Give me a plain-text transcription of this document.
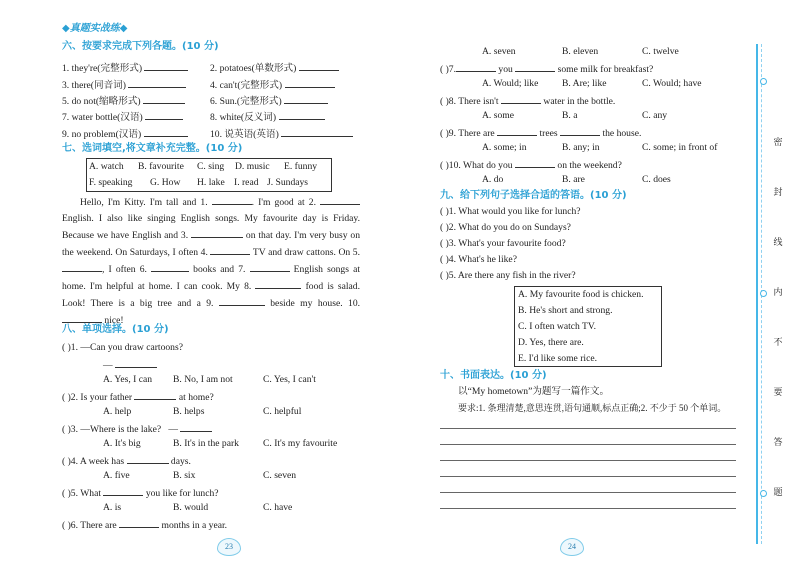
◆真题实战练◆
六、按要求完成下列各题。(10 分)
1. they're(完整形式)	2. potatoes(单数形式)
3. there(同音词)	4. can't(完整形式)
5. do not(缩略形式)	6. Sun.(完整形式)
7. water bottle(汉语)	8. white(反义词)
9. no problem(汉语)	10. 说英语(英语)
七、选词填空,将文章补充完整。(10 分)
A. watch B. favourite C. sing D. music E. funny
F. speaking G. How H. lake I. read J. Sundays
Hello, I'm Kitty. I'm tall and 1.	. I'm good at 2.  English. I also like singing English songs. My favourite day is Friday. Because we have English and 3.	on that day. I'm very busy on the weekend. On Saturdays, I often 4.	TV and draw cattons. On 5. , I often 6.	books and 7.	English songs at home. I'm helpful at home. I can cook. My 8.	food is salad. Look! There is a big tree and a 9.	beside my house. 10.  nice!
八、单项选择。(10 分)
( )1. —Can you draw cartoons?
—
A. Yes, I can B. No, I am not	C. Yes, I can't
( )2. Is your father	at home?
A. help	B. helps	C. helpful
( )3. —Where is the lake? —
A. It's big	B. It's in the park	C. It's my favourite
( )4. A week has	days.
A. five	B. six	C. seven
( )5. What	you like for lunch?
A. is	B. would	C. have
( )6. There are	months in a year.
23
A. seven	B. eleven	C. twelve
( )7.	you	some milk for breakfast?
A. Would; like B. Are; like	C. Would; have
( )8. There isn't	water in the bottle.
A. some	B. a	C. any
( )9. There are	trees	the house.
A. some; in	B. any; in	C. some; in front of
( )10. What do you	on the weekend?
A. do	B. are	C. does
九、给下列句子选择合适的答语。(10 分)
( )1. What would you like for lunch?
( )2. What do you do on Sundays?
( )3. What's your favourite food?
( )4. What's he like?
( )5. Are there any fish in the river?
A. My favourite food is chicken.
B. He's short and strong.
C. I often watch TV.
D. Yes, there are.
E. I'd like some rice.
十、书面表达。(10 分)
以“My hometown”为题写一篇作文。
要求:1. 条理清楚,意思连贯,语句通顺,标点正确;2. 不少于 50 个单词。
24
密
封
线
内
不
要
答
题
